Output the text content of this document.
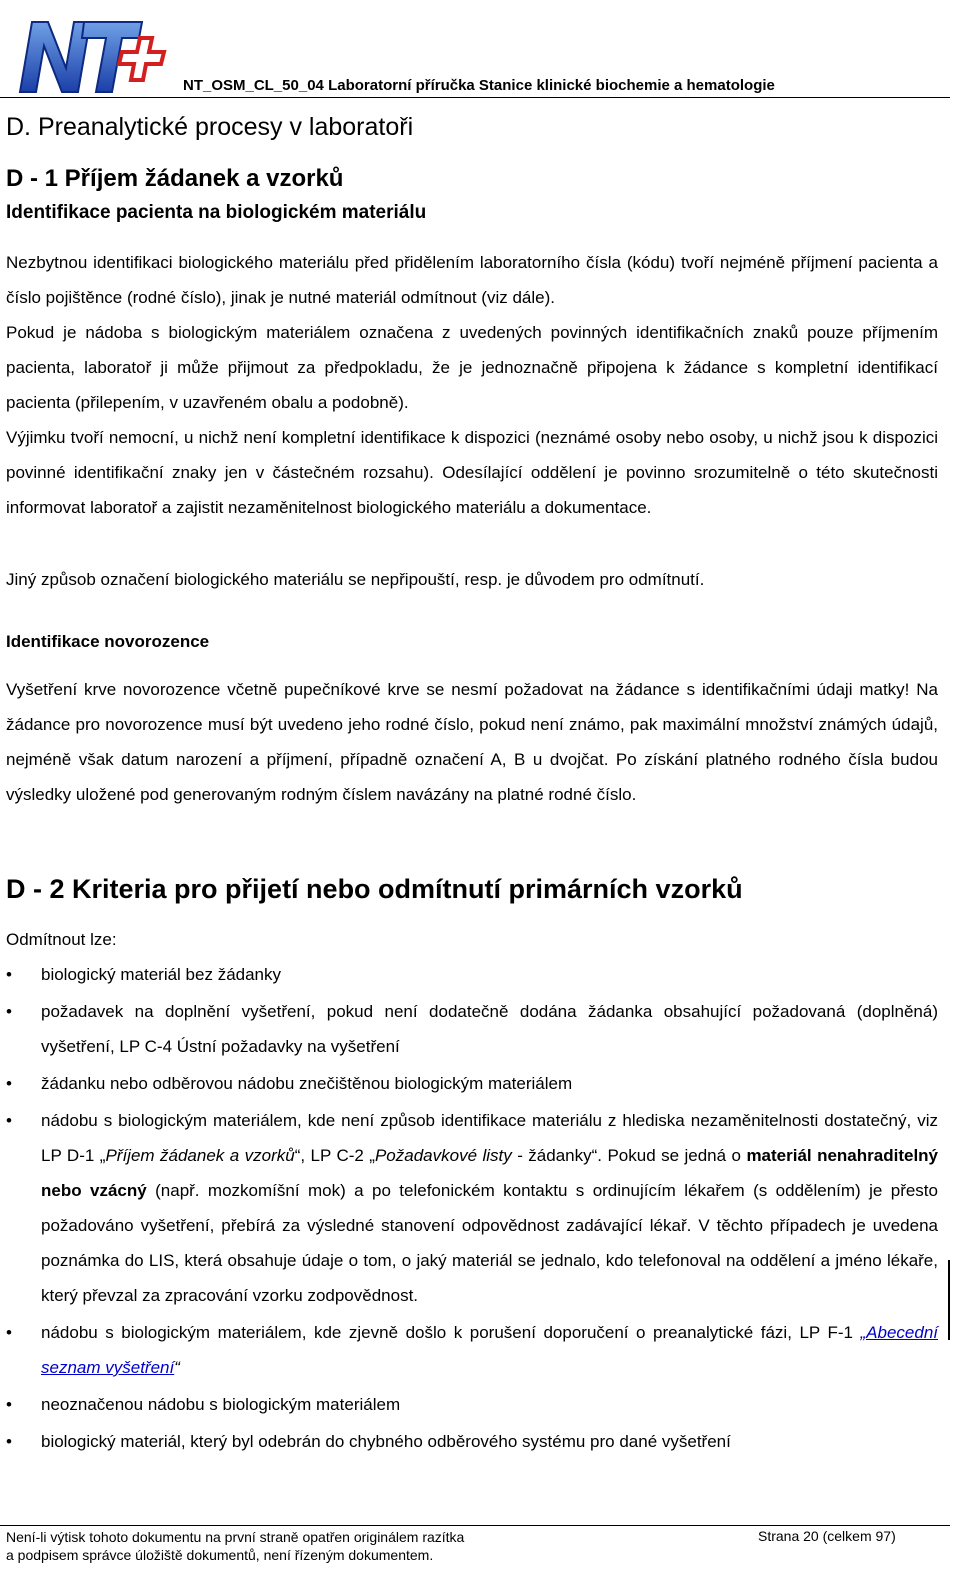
NT_OSM_CL_50_04 Laboratorní příručka Stanice klinické biochemie a hematologie
D. Preanalytické procesy v laboratoři
D - 1 Příjem žádanek a vzorků
Identifikace pacienta na biologickém materiálu
Nezbytnou identifikaci biologického materiálu před přidělením laboratorního čísla (kódu) tvoří nejméně příjmení pacienta a číslo pojištěnce (rodné číslo), jinak je nutné materiál odmítnout (viz dále).
Pokud je nádoba s biologickým materiálem označena z uvedených povinných identifikačních znaků pouze příjmením pacienta, laboratoř ji může přijmout za předpokladu, že je jednoznačně připojena k žádance s kompletní identifikací pacienta (přilepením, v uzavřeném obalu a podobně).
Výjimku tvoří nemocní, u nichž není kompletní identifikace k dispozici (neznámé osoby nebo osoby, u nichž jsou k dispozici povinné identifikační znaky jen v částečném rozsahu). Odesílající oddělení je povinno srozumitelně o této skutečnosti informovat laboratoř a zajistit nezaměnitelnost biologického materiálu a dokumentace.
Jiný způsob označení biologického materiálu se nepřipouští, resp. je důvodem pro odmítnutí.
Identifikace novorozence
Vyšetření krve novorozence včetně pupečníkové krve se nesmí požadovat na žádance s identifikačními údaji matky! Na žádance pro novorozence musí být uvedeno jeho rodné číslo, pokud není známo, pak maximální množství známých údajů, nejméně však datum narození a příjmení, případně označení A, B u dvojčat. Po získání platného rodného čísla budou výsledky uložené pod generovaným rodným číslem navázány na platné rodné číslo.
D - 2 Kriteria pro přijetí nebo odmítnutí primárních vzorků
Odmítnout lze:
• biologický materiál bez žádanky
• požadavek na doplnění vyšetření, pokud není dodatečně dodána žádanka obsahující požadovaná (doplněná) vyšetření, LP C-4 Ústní požadavky na vyšetření
• žádanku nebo odběrovou nádobu znečištěnou biologickým materiálem
• nádobu s biologickým materiálem, kde není způsob identifikace materiálu z hlediska nezaměnitelnosti dostatečný, viz LP D-1 „Příjem žádanek a vzorků“, LP C-2 „Požadavkové listy - žádanky“. Pokud se jedná o materiál nenahraditelný nebo vzácný (např. mozkomíšní mok) a po telefonickém kontaktu s ordinujícím lékařem (s oddělením) je přesto požadováno vyšetření, přebírá za výsledné stanovení odpovědnost zadávající lékař. V těchto případech je uvedena poznámka do LIS, která obsahuje údaje o tom, o jaký materiál se jednalo, kdo telefonoval na oddělení a jméno lékaře, který převzal za zpracování vzorku zodpovědnost.
• nádobu s biologickým materiálem, kde zjevně došlo k porušení doporučení o preanalytické fázi, LP F-1 „Abecední seznam vyšetření“
• neoznačenou nádobu s biologickým materiálem
• biologický materiál, který byl odebrán do chybného odběrového systému pro dané vyšetření
Není-li výtisk tohoto dokumentu na první straně opatřen originálem razítka
a podpisem správce úložiště dokumentů, není řízeným dokumentem.
Strana 20 (celkem 97)
